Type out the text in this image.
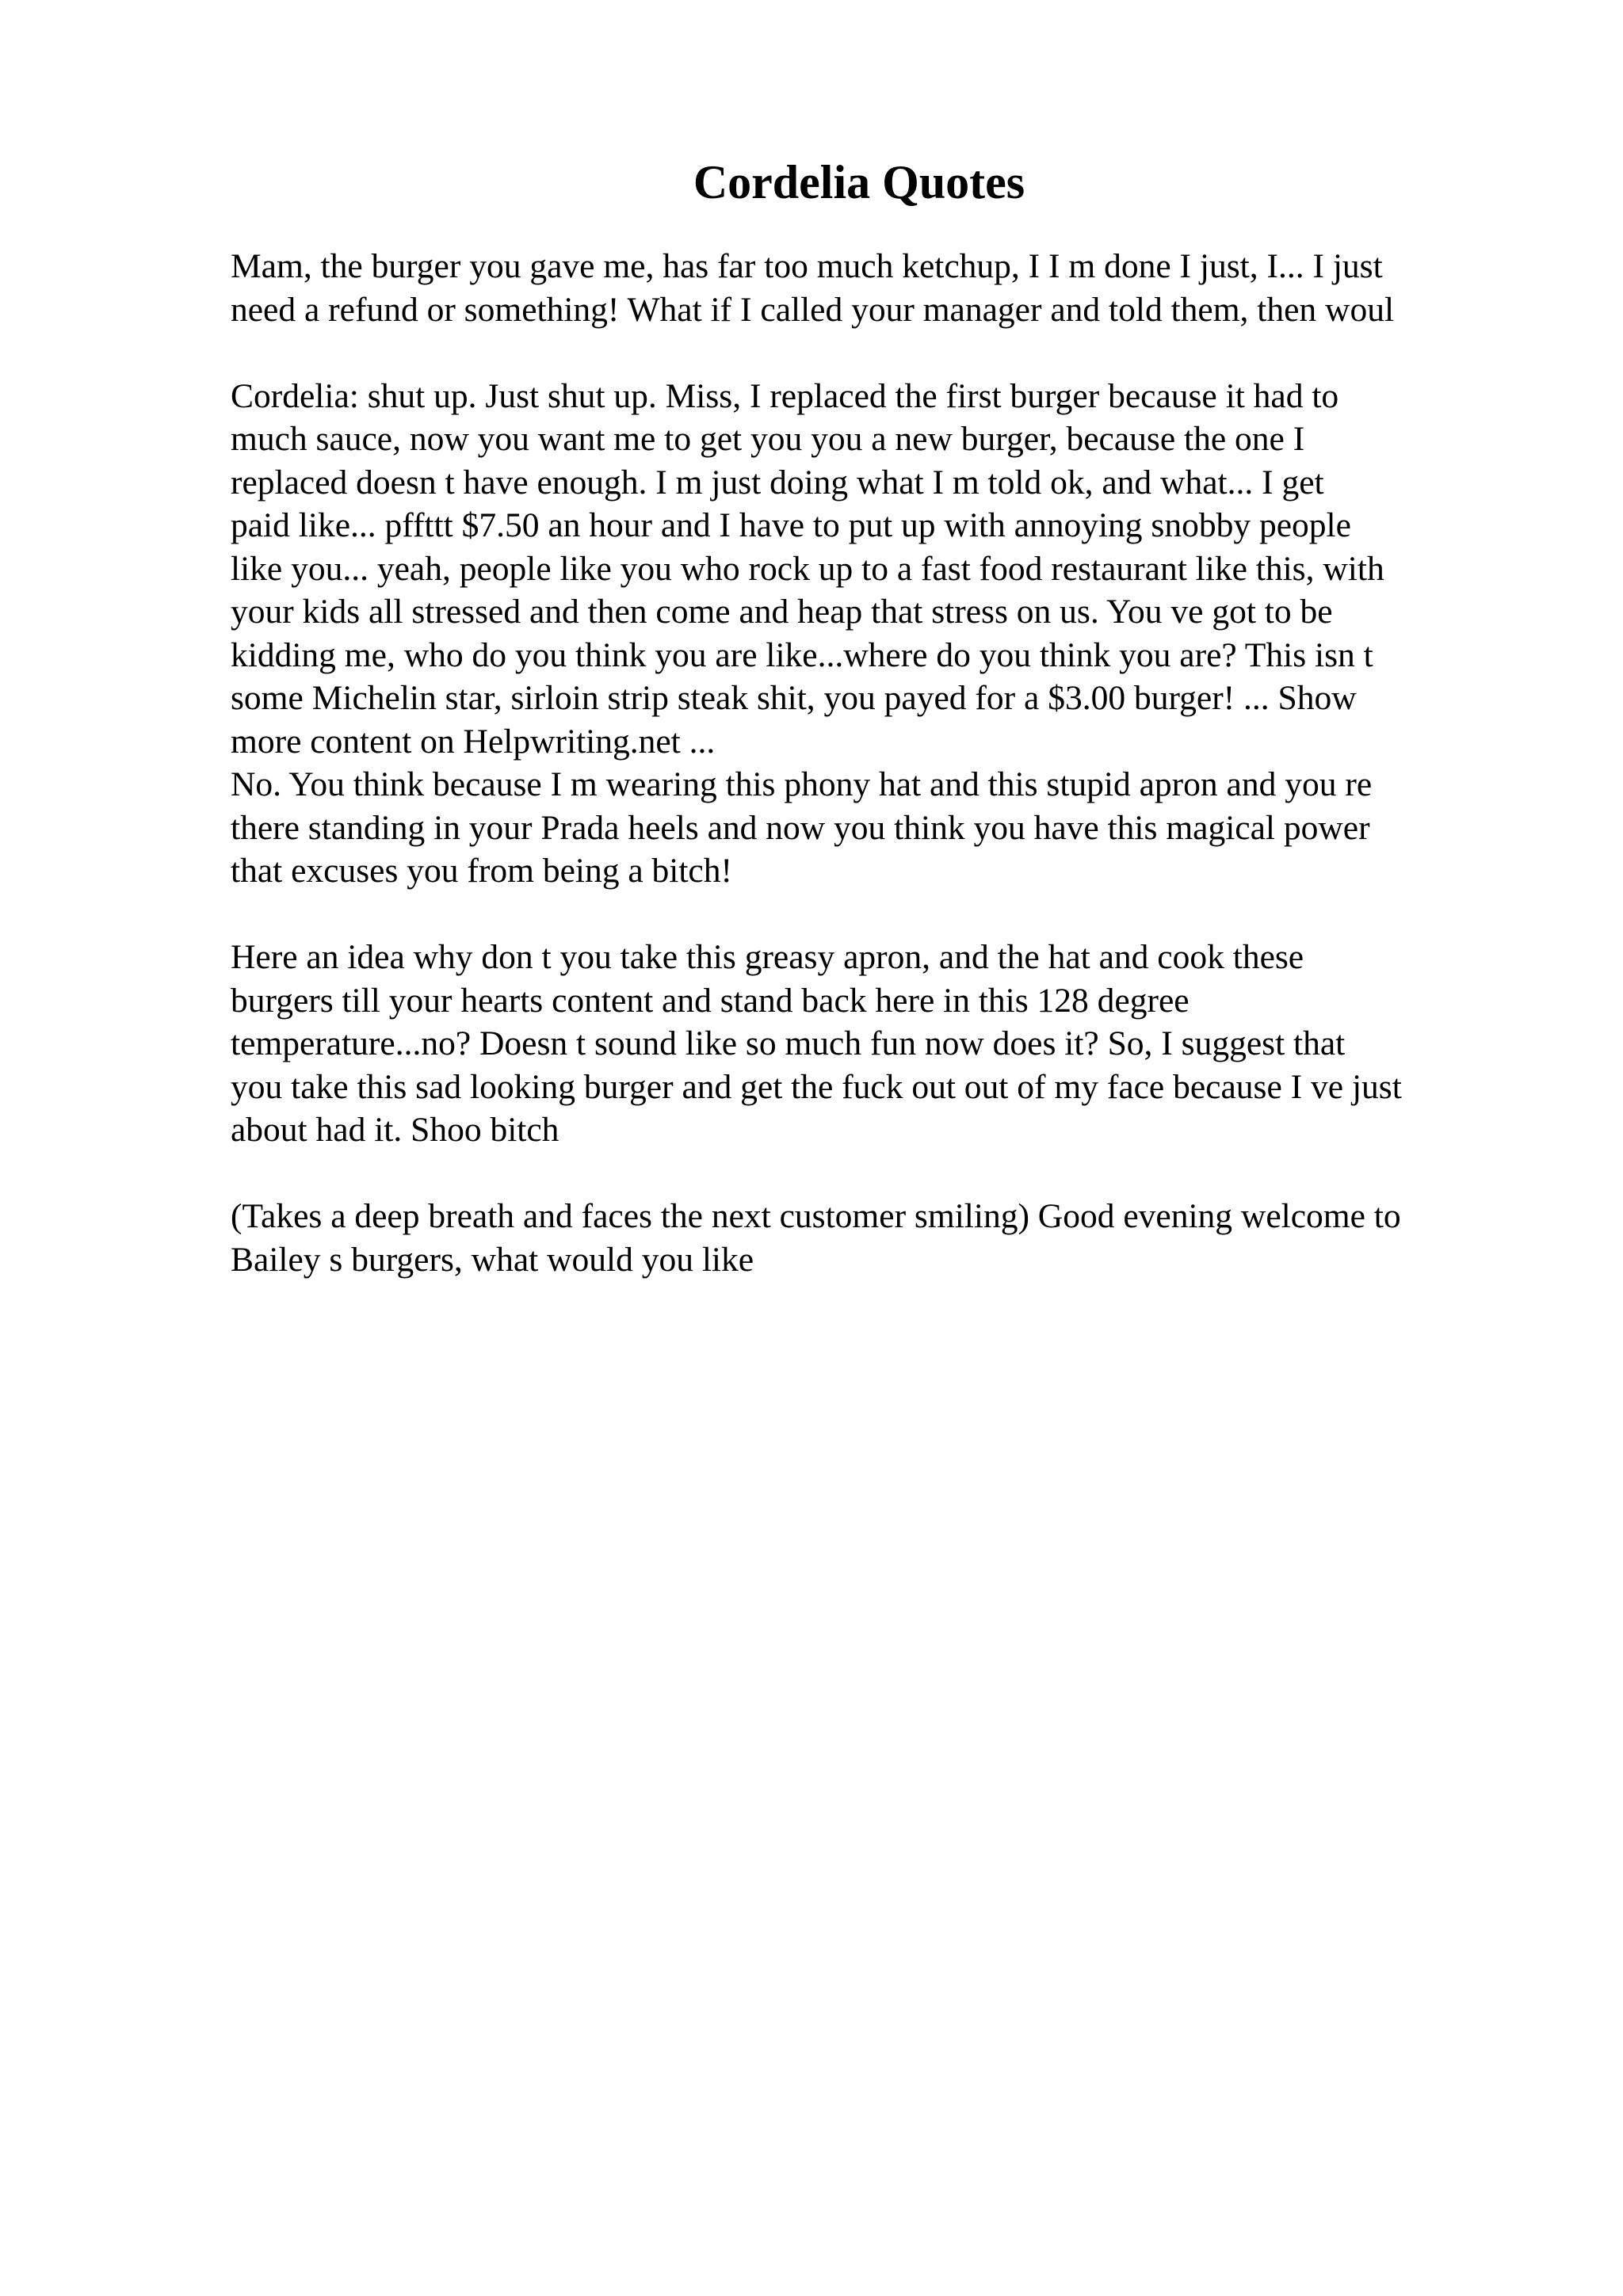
Cordelia Quotes
Mam, the burger you gave me, has far too much ketchup, I I m done I just, I... I just
need a refund or something! What if I called your manager and told them, then woul
Cordelia: shut up. Just shut up. Miss, I replaced the first burger because it had to
much sauce, now you want me to get you you a new burger, because the one I
replaced doesn t have enough. I m just doing what I m told ok, and what... I get
paid like... pffttt $7.50 an hour and I have to put up with annoying snobby people
like you... yeah, people like you who rock up to a fast food restaurant like this, with
your kids all stressed and then come and heap that stress on us. You ve got to be
kidding me, who do you think you are like...where do you think you are? This isn t
some Michelin star, sirloin strip steak shit, you payed for a $3.00 burger! ... Show
more content on Helpwriting.net ...
No. You think because I m wearing this phony hat and this stupid apron and you re
there standing in your Prada heels and now you think you have this magical power
that excuses you from being a bitch!
Here an idea why don t you take this greasy apron, and the hat and cook these
burgers till your hearts content and stand back here in this 128 degree
temperature...no? Doesn t sound like so much fun now does it? So, I suggest that
you take this sad looking burger and get the fuck out out of my face because I ve just
about had it. Shoo bitch
(Takes a deep breath and faces the next customer smiling) Good evening welcome to
Bailey s burgers, what would you like
